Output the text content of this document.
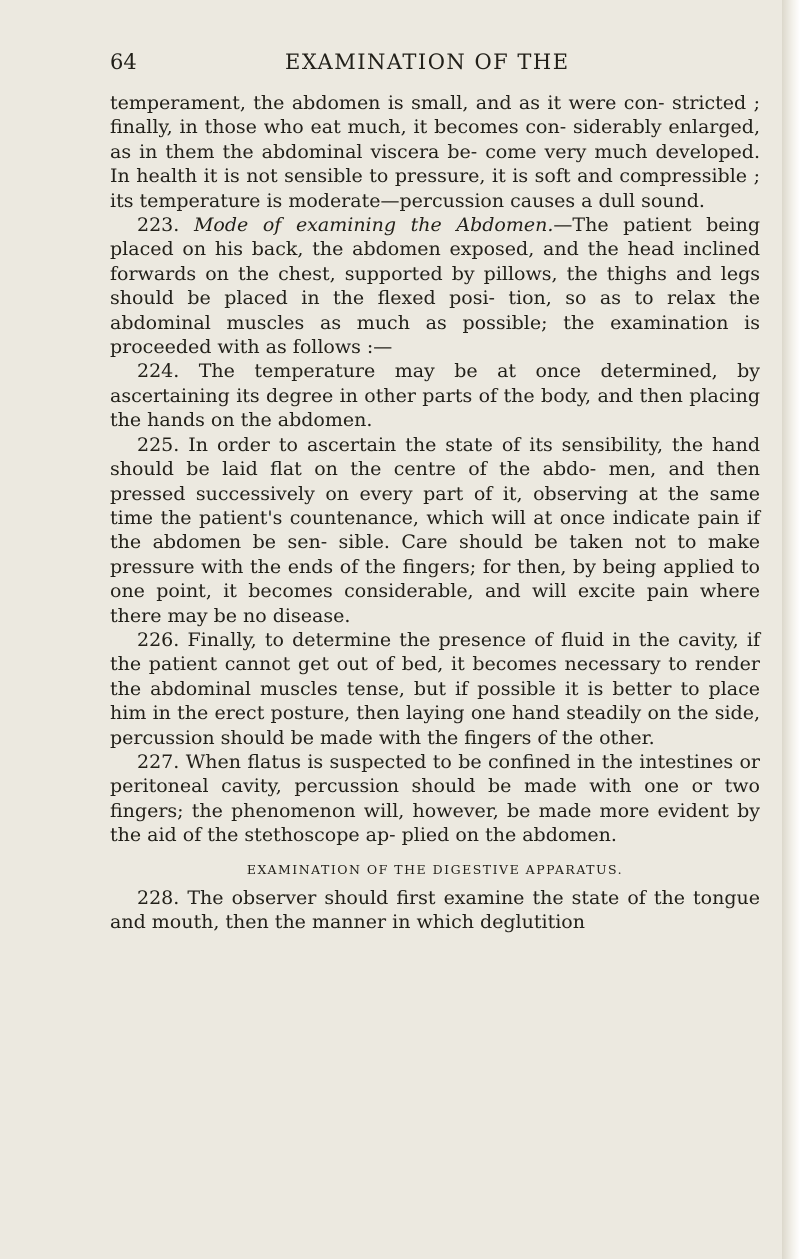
64	EXAMINATION OF THE

temperament, the abdomen is small, and as it were con- stricted ; finally, in those who eat much, it becomes con- siderably enlarged, as in them the abdominal viscera be- come very much developed. In health it is not sensible to pressure, it is soft and compressible ; its temperature is moderate—percussion causes a dull sound.

223. Mode of examining the Abdomen.—The patient being placed on his back, the abdomen exposed, and the head inclined forwards on the chest, supported by pillows, the thighs and legs should be placed in the flexed posi- tion, so as to relax the abdominal muscles as much as possible; the examination is proceeded with as follows :—

224. The temperature may be at once determined, by ascertaining its degree in other parts of the body, and then placing the hands on the abdomen.

225. In order to ascertain the state of its sensibility, the hand should be laid flat on the centre of the abdo- men, and then pressed successively on every part of it, observing at the same time the patient's countenance, which will at once indicate pain if the abdomen be sen- sible. Care should be taken not to make pressure with the ends of the fingers; for then, by being applied to one point, it becomes considerable, and will excite pain where there may be no disease.

226. Finally, to determine the presence of fluid in the cavity, if the patient cannot get out of bed, it becomes necessary to render the abdominal muscles tense, but if possible it is better to place him in the erect posture, then laying one hand steadily on the side, percussion should be made with the fingers of the other.

227. When flatus is suspected to be confined in the intestines or peritoneal cavity, percussion should be made with one or two fingers; the phenomenon will, however, be made more evident by the aid of the stethoscope ap- plied on the abdomen.

EXAMINATION OF THE DIGESTIVE APPARATUS.

228. The observer should first examine the state of the tongue and mouth, then the manner in which deglutition
